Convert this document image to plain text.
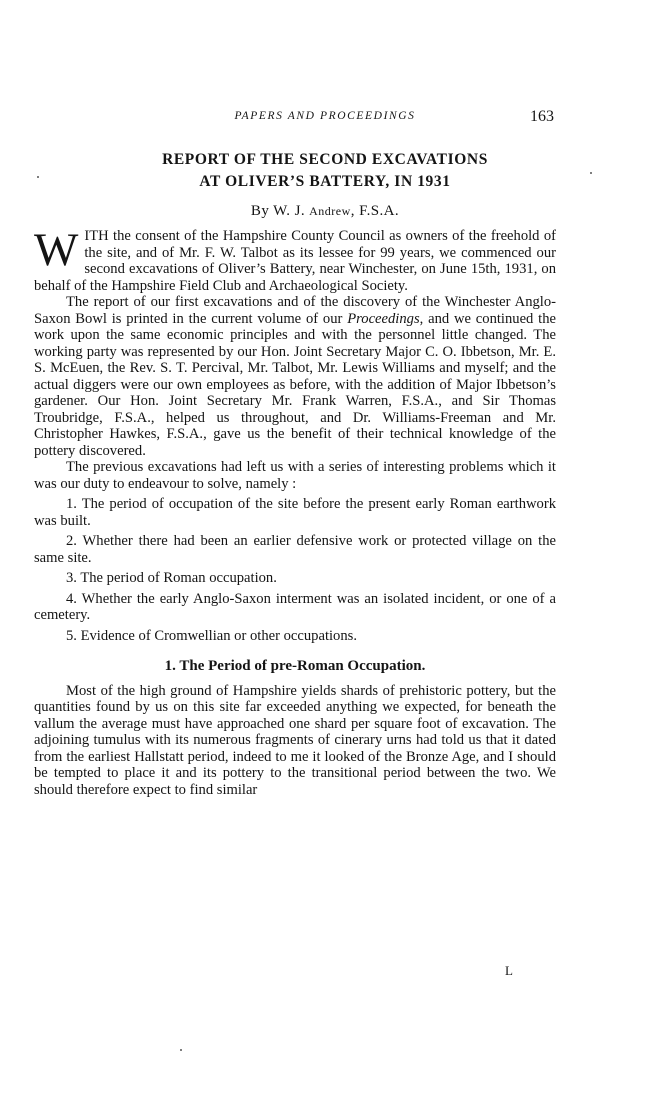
PAPERS AND PROCEEDINGS	163
REPORT OF THE SECOND EXCAVATIONS
AT OLIVER’S BATTERY, IN 1931
By W. J. Andrew, F.S.A.

WITH the consent of the Hampshire County Council as owners of the freehold of the site, and of Mr. F. W. Talbot as its lessee for 99 years, we commenced our second excavations of Oliver’s Battery, near Winchester, on June 15th, 1931, on behalf of the Hampshire Field Club and Archaeological Society.

The report of our first excavations and of the discovery of the Winchester Anglo-Saxon Bowl is printed in the current volume of our Proceedings, and we continued the work upon the same economic principles and with the personnel little changed. The working party was represented by our Hon. Joint Secretary Major C. O. Ibbetson, Mr. E. S. McEuen, the Rev. S. T. Percival, Mr. Talbot, Mr. Lewis Williams and myself; and the actual diggers were our own employees as before, with the addition of Major Ibbetson’s gardener. Our Hon. Joint Secretary Mr. Frank Warren, F.S.A., and Sir Thomas Troubridge, F.S.A., helped us throughout, and Dr. Williams-Freeman and Mr. Christopher Hawkes, F.S.A., gave us the benefit of their technical knowledge of the pottery discovered.

The previous excavations had left us with a series of interesting problems which it was our duty to endeavour to solve, namely :

1. The period of occupation of the site before the present early Roman earthwork was built.

2. Whether there had been an earlier defensive work or protected village on the same site.

3. The period of Roman occupation.

4. Whether the early Anglo-Saxon interment was an isolated incident, or one of a cemetery.

5. Evidence of Cromwellian or other occupations.

1. The Period of pre-Roman Occupation.

Most of the high ground of Hampshire yields shards of prehistoric pottery, but the quantities found by us on this site far exceeded anything we expected, for beneath the vallum the average must have approached one shard per square foot of excavation. The adjoining tumulus with its numerous fragments of cinerary urns had told us that it dated from the earliest Hallstatt period, indeed to me it looked of the Bronze Age, and I should be tempted to place it and its pottery to the transitional period between the two. We should therefore expect to find similar

L
